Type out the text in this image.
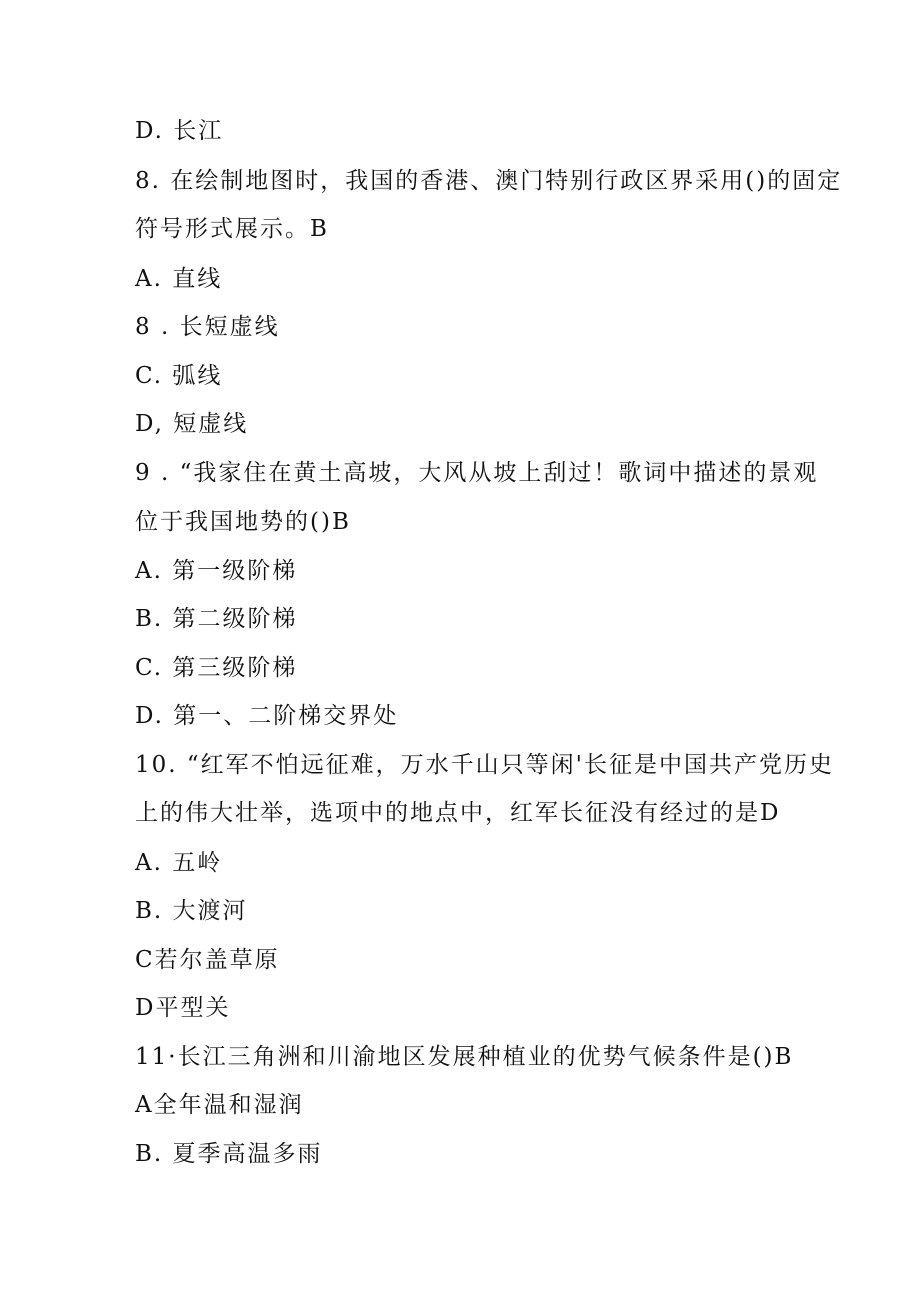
D. 长江
8. 在绘制地图时，我国的香港、澳门特别行政区界采用()的固定
符号形式展示。B
A. 直线
8 . 长短虚线
C. 弧线
D, 短虚线
9 . “我家住在黄土高坡，大风从坡上刮过！歌词中描述的景观
位于我国地势的()B
A. 第一级阶梯
B. 第二级阶梯
C. 第三级阶梯
D. 第一、二阶梯交界处
10. “红军不怕远征难，万水千山只等闲'长征是中国共产党历史
上的伟大壮举，选项中的地点中，红军长征没有经过的是D
A. 五岭
B. 大渡河
C若尔盖草原
D平型关
11·长江三角洲和川渝地区发展种植业的优势气候条件是()B
A全年温和湿润
B. 夏季高温多雨
